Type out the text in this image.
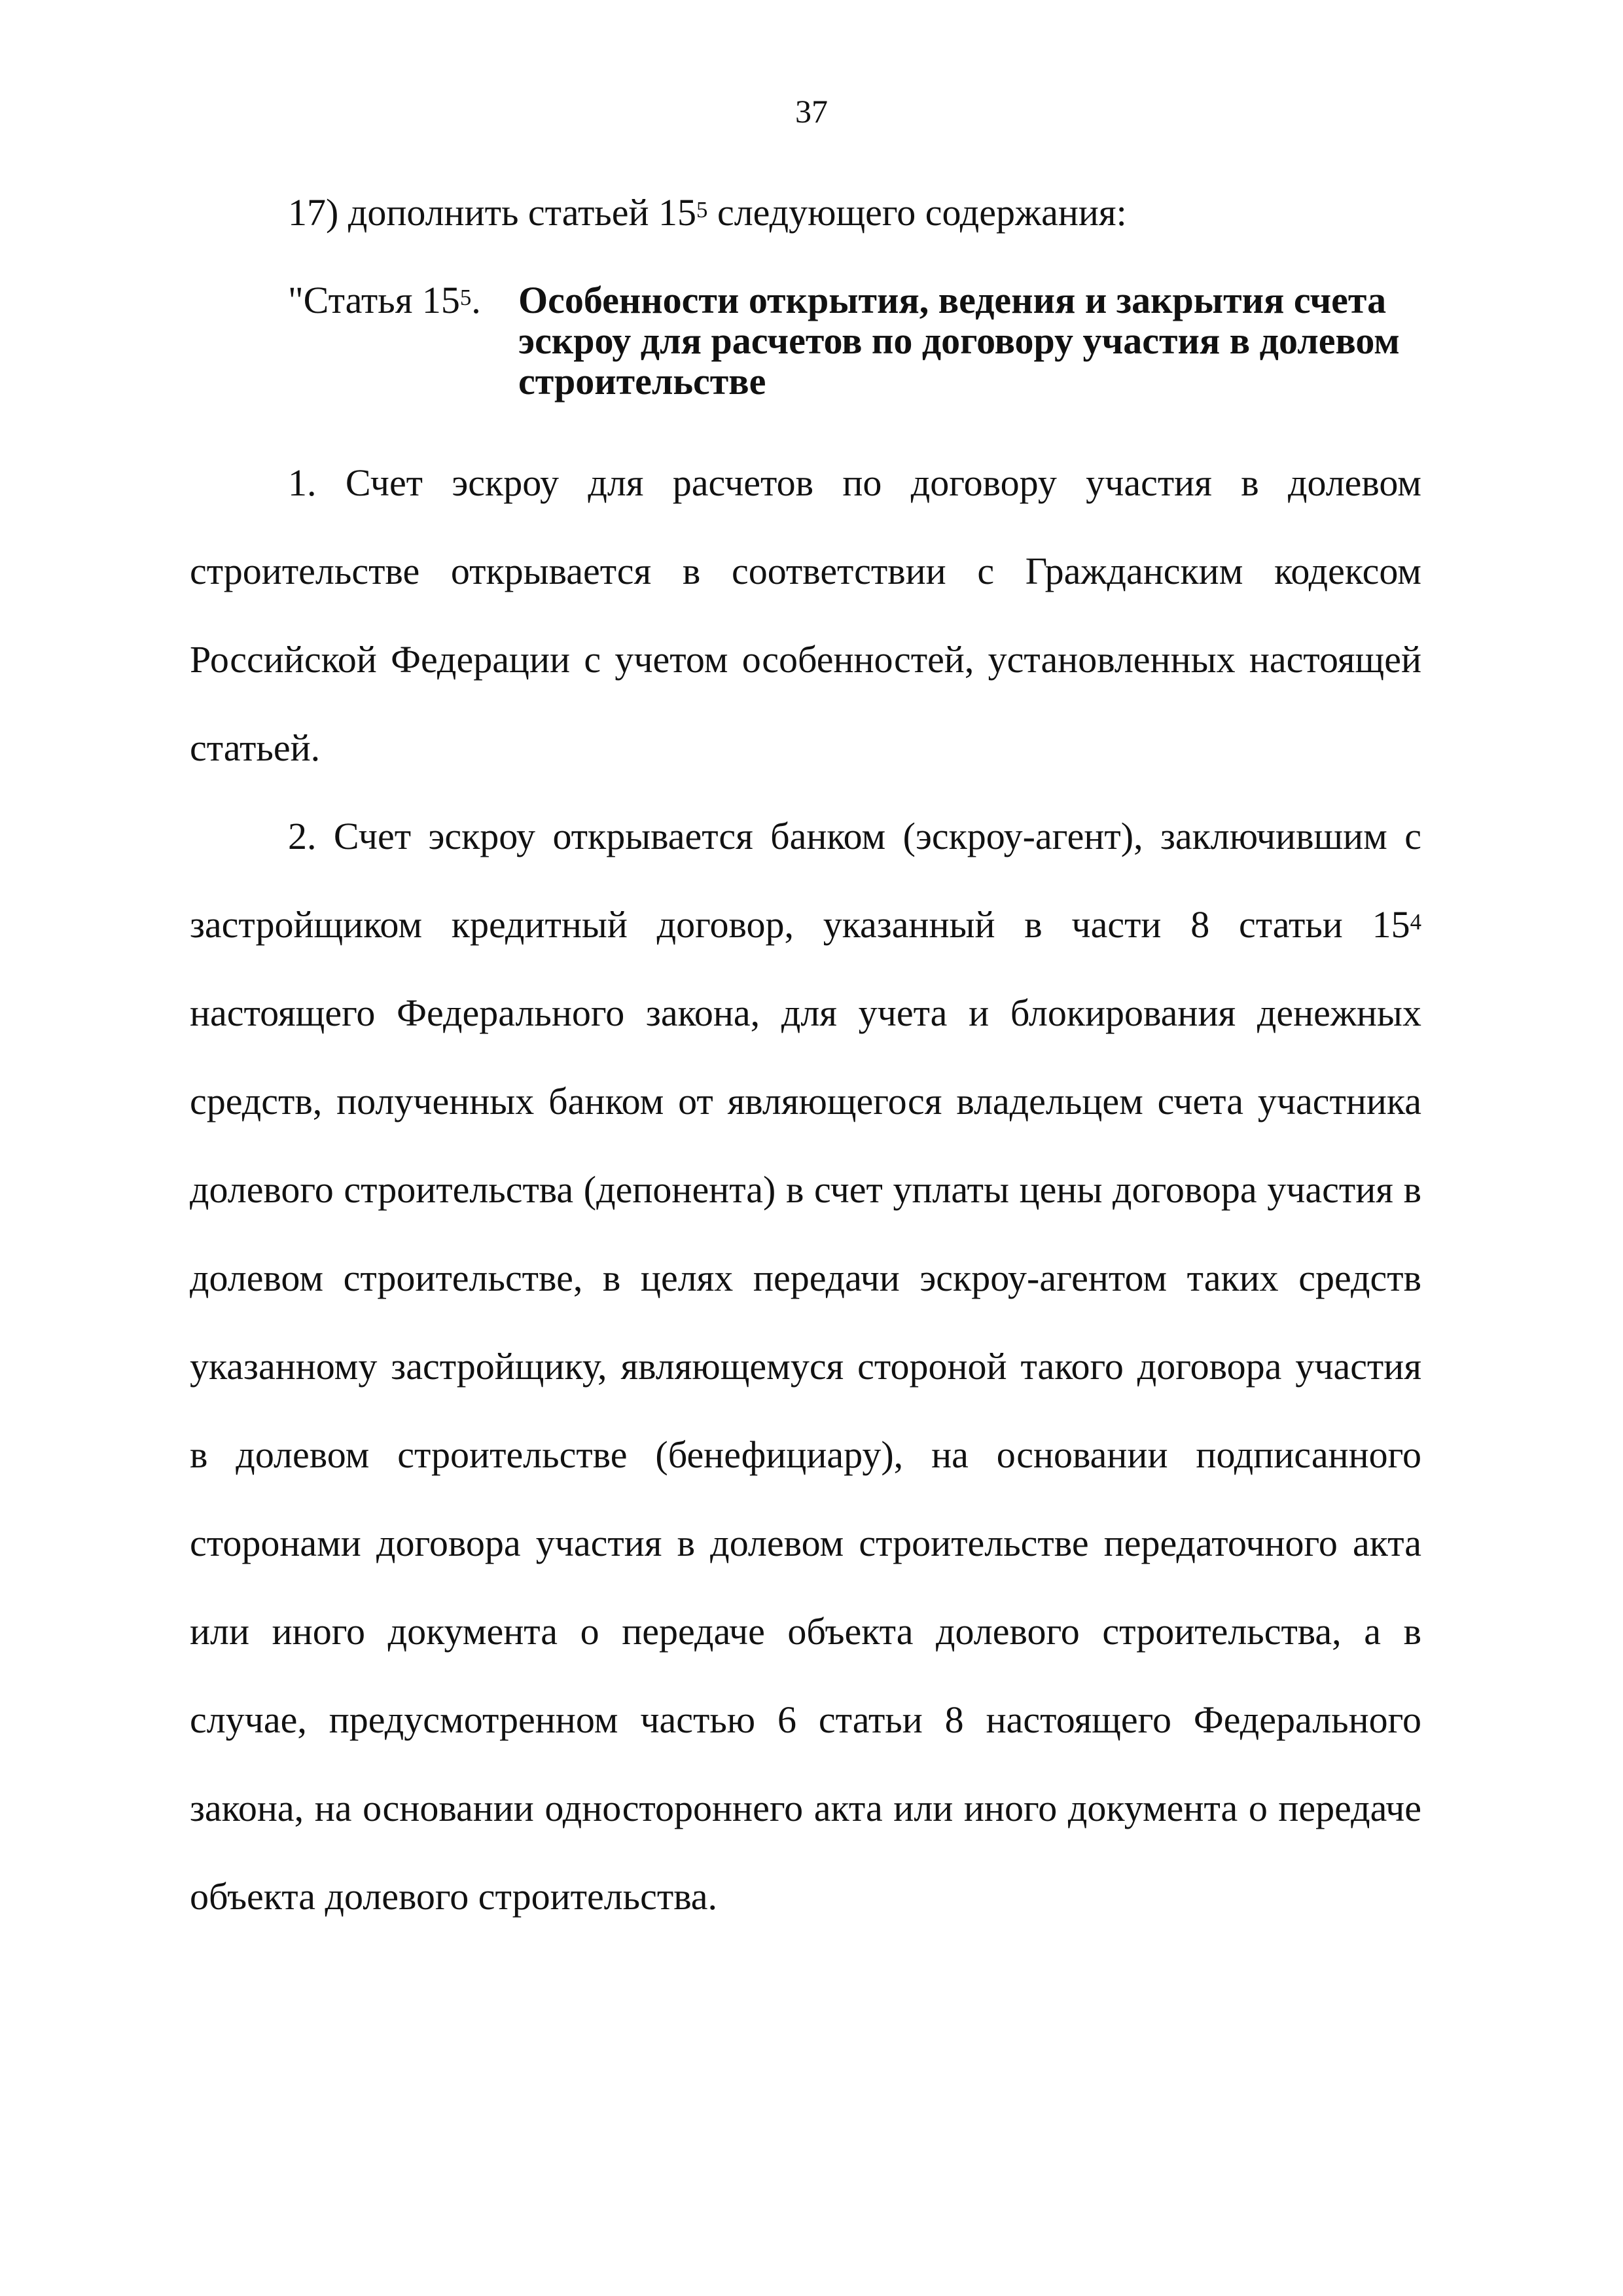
37
17) дополнить статьей $15^5$ следующего содержания:
"Статья $15^5$. Особенности открытия, ведения и закрытия счета эскроу для расчетов по договору участия в долевом строительстве

1. Счет эскроу для расчетов по договору участия в долевом строительстве открывается в соответствии с Гражданским кодексом Российской Федерации с учетом особенностей, установленных настоящей статьей.

2. Счет эскроу открывается банком (эскроу-агент), заключившим с застройщиком кредитный договор, указанный в части 8 статьи $15^4$ настоящего Федерального закона, для учета и блокирования денежных средств, полученных банком от являющегося владельцем счета участника долевого строительства (депонента) в счет уплаты цены договора участия в долевом строительстве, в целях передачи эскроу-агентом таких средств указанному застройщику, являющемуся стороной такого договора участия в долевом строительстве (бенефициару), на основании подписанного сторонами договора участия в долевом строительстве передаточного акта или иного документа о передаче объекта долевого строительства, а в случае, предусмотренном частью 6 статьи 8 настоящего Федерального закона, на основании одностороннего акта или иного документа о передаче объекта долевого строительства.
